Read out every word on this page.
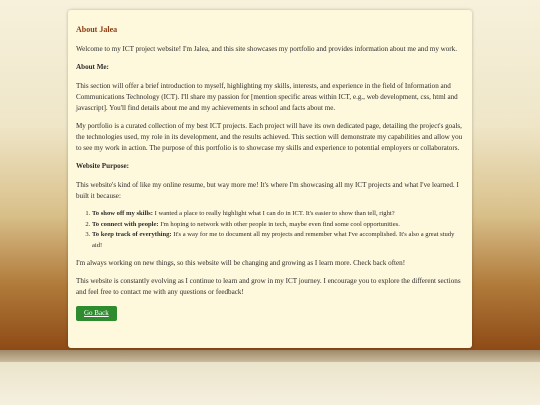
About Jalea

Welcome to my ICT project website! I'm Jalea, and this site showcases my portfolio and provides information about me and my work.

About Me:

This section will offer a brief introduction to myself, highlighting my skills, interests, and experience in the field of Information and Communications Technology (ICT). I'll share my passion for [mention specific areas within ICT, e.g., web development, css, html and javascript]. You'll find details about me and my achievements in school and facts about me.

My portfolio is a curated collection of my best ICT projects. Each project will have its own dedicated page, detailing the project's goals, the technologies used, my role in its development, and the results achieved. This section will demonstrate my capabilities and allow you to see my work in action. The purpose of this portfolio is to showcase my skills and experience to potential employers or collaborators.

Website Purpose:

This website's kind of like my online resume, but way more me! It's where I'm showcasing all my ICT projects and what I've learned. I built it because:

1. To show off my skills: I wanted a place to really highlight what I can do in ICT. It's easier to show than tell, right?
2. To connect with people: I'm hoping to network with other people in tech, maybe even find some cool opportunities.
3. To keep track of everything: It's a way for me to document all my projects and remember what I've accomplished. It's also a great study aid!

I'm always working on new things, so this website will be changing and growing as I learn more. Check back often!

This website is constantly evolving as I continue to learn and grow in my ICT journey. I encourage you to explore the different sections and feel free to contact me with any questions or feedback!

Go Back
